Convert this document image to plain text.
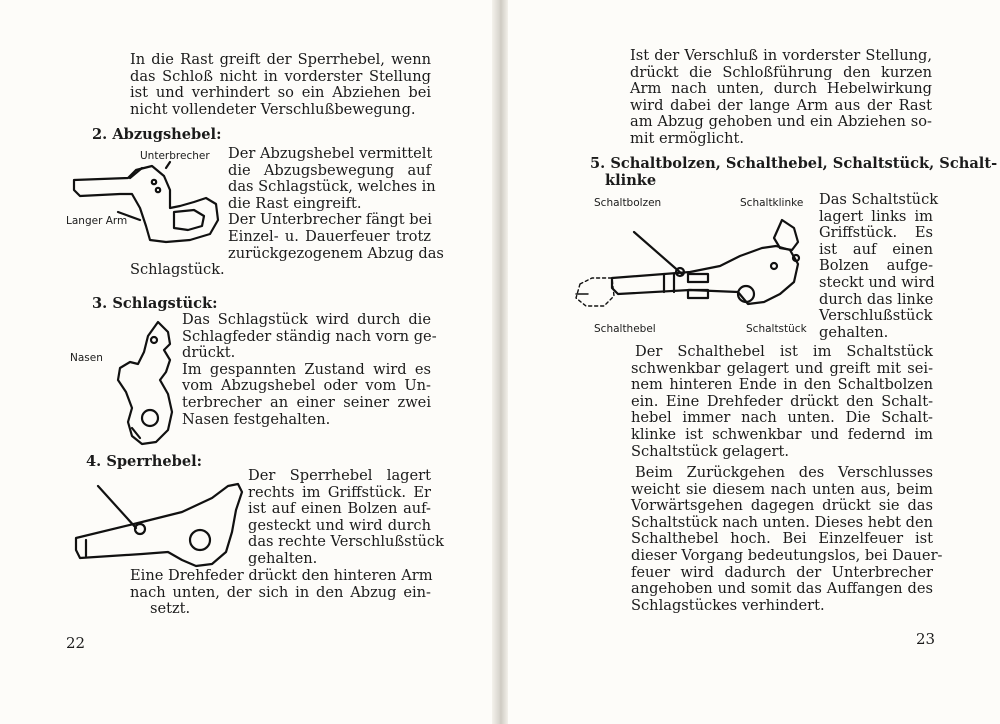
In die Rast greift der Sperrhebel, wenn
das Schloß nicht in vorderster Stellung
ist und verhindert so ein Abziehen bei
nicht vollendeter Verschlußbewegung.
2. Abzugshebel:
Unterbrecher
Langer Arm
Der Abzugshebel vermittelt
die Abzugsbewegung auf
das Schlagstück, welches in
die Rast eingreift.
Der Unterbrecher fängt bei
Einzel- u. Dauerfeuer trotz
zurückgezogenem Abzug das
Schlagstück.
3. Schlagstück:
Nasen
Das Schlagstück wird durch die
Schlagfeder ständig nach vorn ge-
drückt.
Im gespannten Zustand wird es
vom Abzugshebel oder vom Un-
terbrecher an einer seiner zwei
Nasen festgehalten.
4. Sperrhebel:
Der Sperrhebel lagert
rechts im Griffstück. Er
ist auf einen Bolzen auf-
gesteckt und wird durch
das rechte Verschlußstück
gehalten.
Eine Drehfeder drückt den hinteren Arm
nach unten, der sich in den Abzug ein-
setzt.
22
Ist der Verschluß in vorderster Stellung,
drückt die Schloßführung den kurzen
Arm nach unten, durch Hebelwirkung
wird dabei der lange Arm aus der Rast
am Abzug gehoben und ein Abziehen so-
mit ermöglicht.
5. Schaltbolzen, Schalthebel, Schaltstück, Schalt-
klinke
Schaltbolzen	Schaltklinke
Schalthebel	Schaltstück
Das Schaltstück
lagert links im
Griffstück. Es
ist auf einen
Bolzen aufge-
steckt und wird
durch das linke
Verschlußstück
gehalten.
Der Schalthebel ist im Schaltstück
schwenkbar gelagert und greift mit sei-
nem hinteren Ende in den Schaltbolzen
ein. Eine Drehfeder drückt den Schalt-
hebel immer nach unten. Die Schalt-
klinke ist schwenkbar und federnd im
Schaltstück gelagert.
Beim Zurückgehen des Verschlusses
weicht sie diesem nach unten aus, beim
Vorwärtsgehen dagegen drückt sie das
Schaltstück nach unten. Dieses hebt den
Schalthebel hoch. Bei Einzelfeuer ist
dieser Vorgang bedeutungslos, bei Dauer-
feuer wird dadurch der Unterbrecher
angehoben und somit das Auffangen des
Schlagstückes verhindert.
23
